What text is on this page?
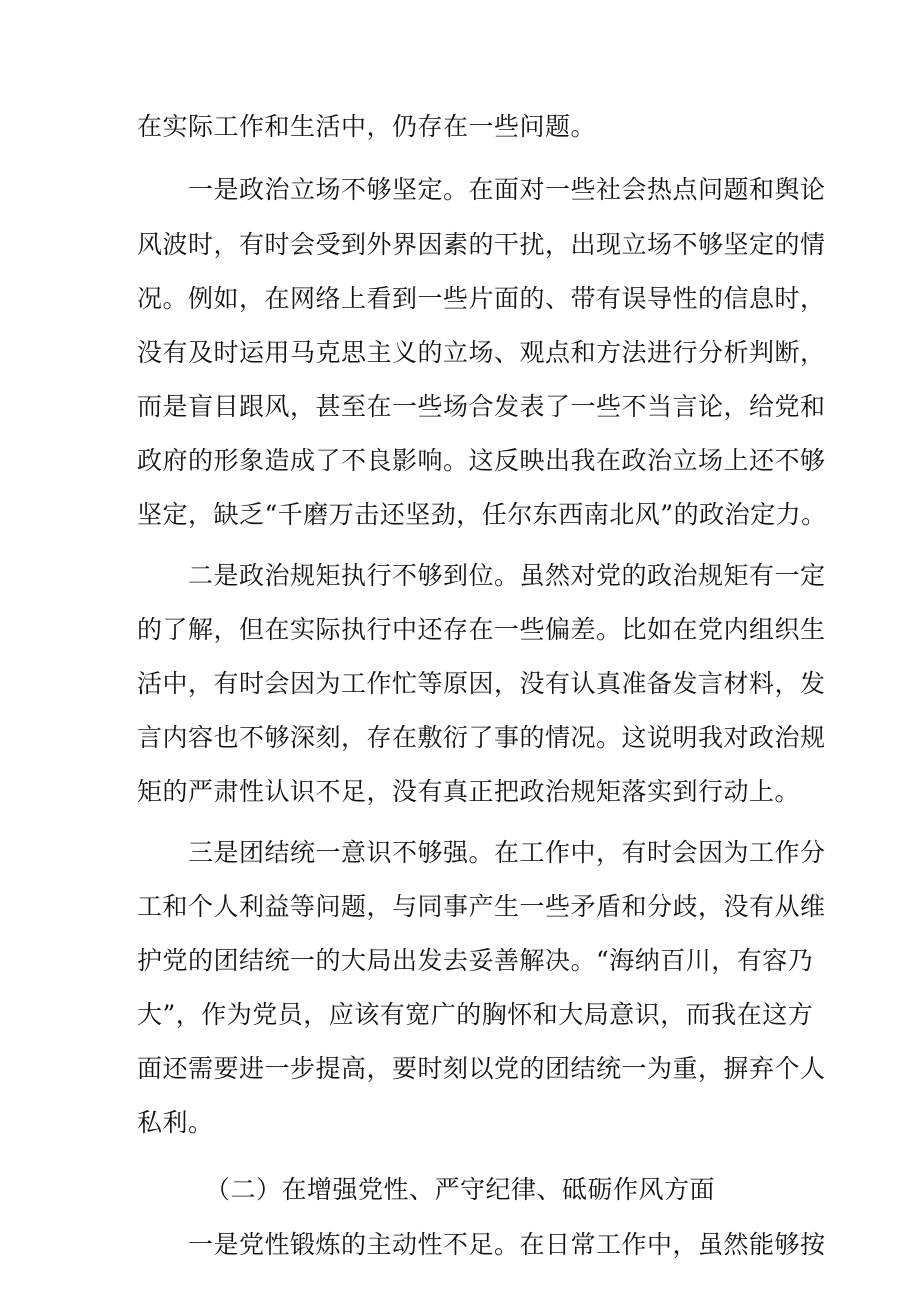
在实际工作和生活中，仍存在一些问题。
一是政治立场不够坚定。在面对一些社会热点问题和舆论
风波时，有时会受到外界因素的干扰，出现立场不够坚定的情
况。例如，在网络上看到一些片面的、带有误导性的信息时，
没有及时运用马克思主义的立场、观点和方法进行分析判断，
而是盲目跟风，甚至在一些场合发表了一些不当言论，给党和
政府的形象造成了不良影响。这反映出我在政治立场上还不够
坚定，缺乏“千磨万击还坚劲，任尔东西南北风”的政治定力。
二是政治规矩执行不够到位。虽然对党的政治规矩有一定
的了解，但在实际执行中还存在一些偏差。比如在党内组织生
活中，有时会因为工作忙等原因，没有认真准备发言材料，发
言内容也不够深刻，存在敷衍了事的情况。这说明我对政治规
矩的严肃性认识不足，没有真正把政治规矩落实到行动上。
三是团结统一意识不够强。在工作中，有时会因为工作分
工和个人利益等问题，与同事产生一些矛盾和分歧，没有从维
护党的团结统一的大局出发去妥善解决。“海纳百川，有容乃
大”，作为党员，应该有宽广的胸怀和大局意识，而我在这方
面还需要进一步提高，要时刻以党的团结统一为重，摒弃个人
私利。
（二）在增强党性、严守纪律、砥砺作风方面
一是党性锻炼的主动性不足。在日常工作中，虽然能够按
